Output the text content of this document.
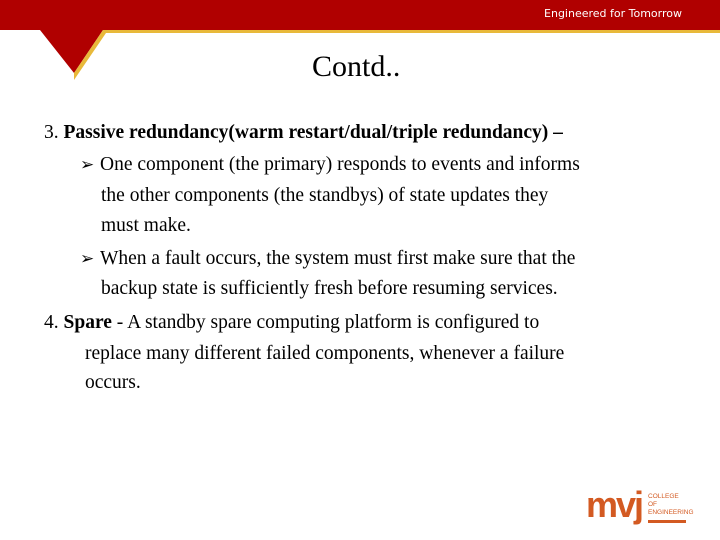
Engineered for Tomorrow
Contd..
3. Passive redundancy(warm restart/dual/triple redundancy) –
➢ One component (the primary) responds to events and informs
the other components (the standbys) of state updates they
must make.
➢ When a fault occurs, the system must first make sure that the
backup state is sufficiently fresh before resuming services.
4. Spare - A standby spare computing platform is configured to
replace many different failed components, whenever a failure
occurs.
mvj COLLEGE OF
ENGINEERING
